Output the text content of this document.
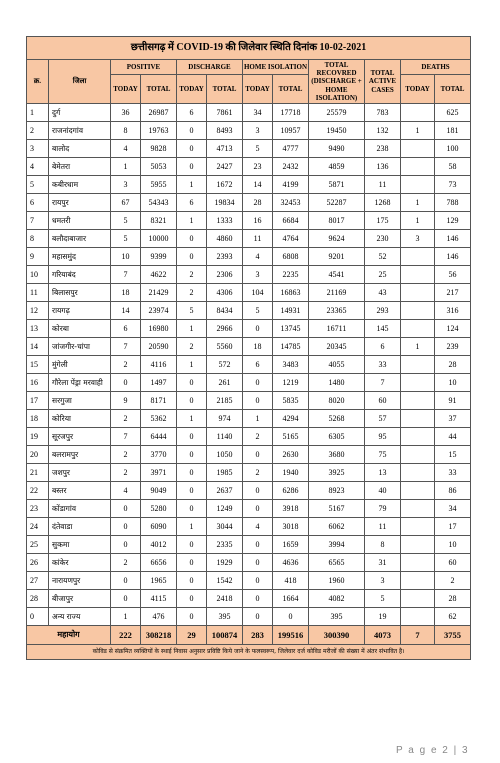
छत्तीसगढ़ में COVID-19 की जिलेवार स्थिति दिनांक 10-02-2021											
क्र.	जिला	POSITIVE		DISCHARGE		HOME ISOLATION		TOTAL RECOVRED (DISCHARGE + HOME ISOLATION)	TOTAL ACTIVE CASES	DEATHS	
		TODAY	TOTAL	TODAY	TOTAL	TODAY	TOTAL			TODAY	TOTAL
1	दुर्ग	36	26987	6	7861	34	17718	25579	783		625
2	राजनांदगांव	8	19763	0	8493	3	10957	19450	132	1	181
3	बालोद	4	9828	0	4713	5	4777	9490	238		100
4	बेमेतरा	1	5053	0	2427	23	2432	4859	136		58
5	कबीरधाम	3	5955	1	1672	14	4199	5871	11		73
6	रायपुर	67	54343	6	19834	28	32453	52287	1268	1	788
7	धमतरी	5	8321	1	1333	16	6684	8017	175	1	129
8	बलौदाबाजार	5	10000	0	4860	11	4764	9624	230	3	146
9	महासमुंद	10	9399	0	2393	4	6808	9201	52		146
10	गरियाबंद	7	4622	2	2306	3	2235	4541	25		56
11	बिलासपुर	18	21429	2	4306	104	16863	21169	43		217
12	रायगढ़	14	23974	5	8434	5	14931	23365	293		316
13	कोरबा	6	16980	1	2966	0	13745	16711	145		124
14	जांजगीर-चांपा	7	20590	2	5560	18	14785	20345	6	1	239
15	मुंगेली	2	4116	1	572	6	3483	4055	33		28
16	गौरेला पेंड्रा मरवाही	0	1497	0	261	0	1219	1480	7		10
17	सरगुजा	9	8171	0	2185	0	5835	8020	60		91
18	कोरिया	2	5362	1	974	1	4294	5268	57		37
19	सूरजपुर	7	6444	0	1140	2	5165	6305	95		44
20	बलरामपुर	2	3770	0	1050	0	2630	3680	75		15
21	जशपुर	2	3971	0	1985	2	1940	3925	13		33
22	बस्तर	4	9049	0	2637	0	6286	8923	40		86
23	कोंडागांव	0	5280	0	1249	0	3918	5167	79		34
24	दंतेवाडा	0	6090	1	3044	4	3018	6062	11		17
25	सुकमा	0	4012	0	2335	0	1659	3994	8		10
26	कांकेर	2	6656	0	1929	0	4636	6565	31		60
27	नारायणपुर	0	1965	0	1542	0	418	1960	3		2
28	बीजापुर	0	4115	0	2418	0	1664	4082	5		28
0	अन्य राज्य	1	476	0	395	0	0	395	19		62
महायोग		222	308218	29	100874	283	199516	300390	4073	7	3755
कोविड से संक्रमित व्यक्तियों के स्थाई निवास अनुसार प्रविष्टि किये जाने के फलस्वरूप, जिलेवार दर्ज कोविड मरीजों की संख्या में अंतर संभावित है।											
P a g e 2 | 3
